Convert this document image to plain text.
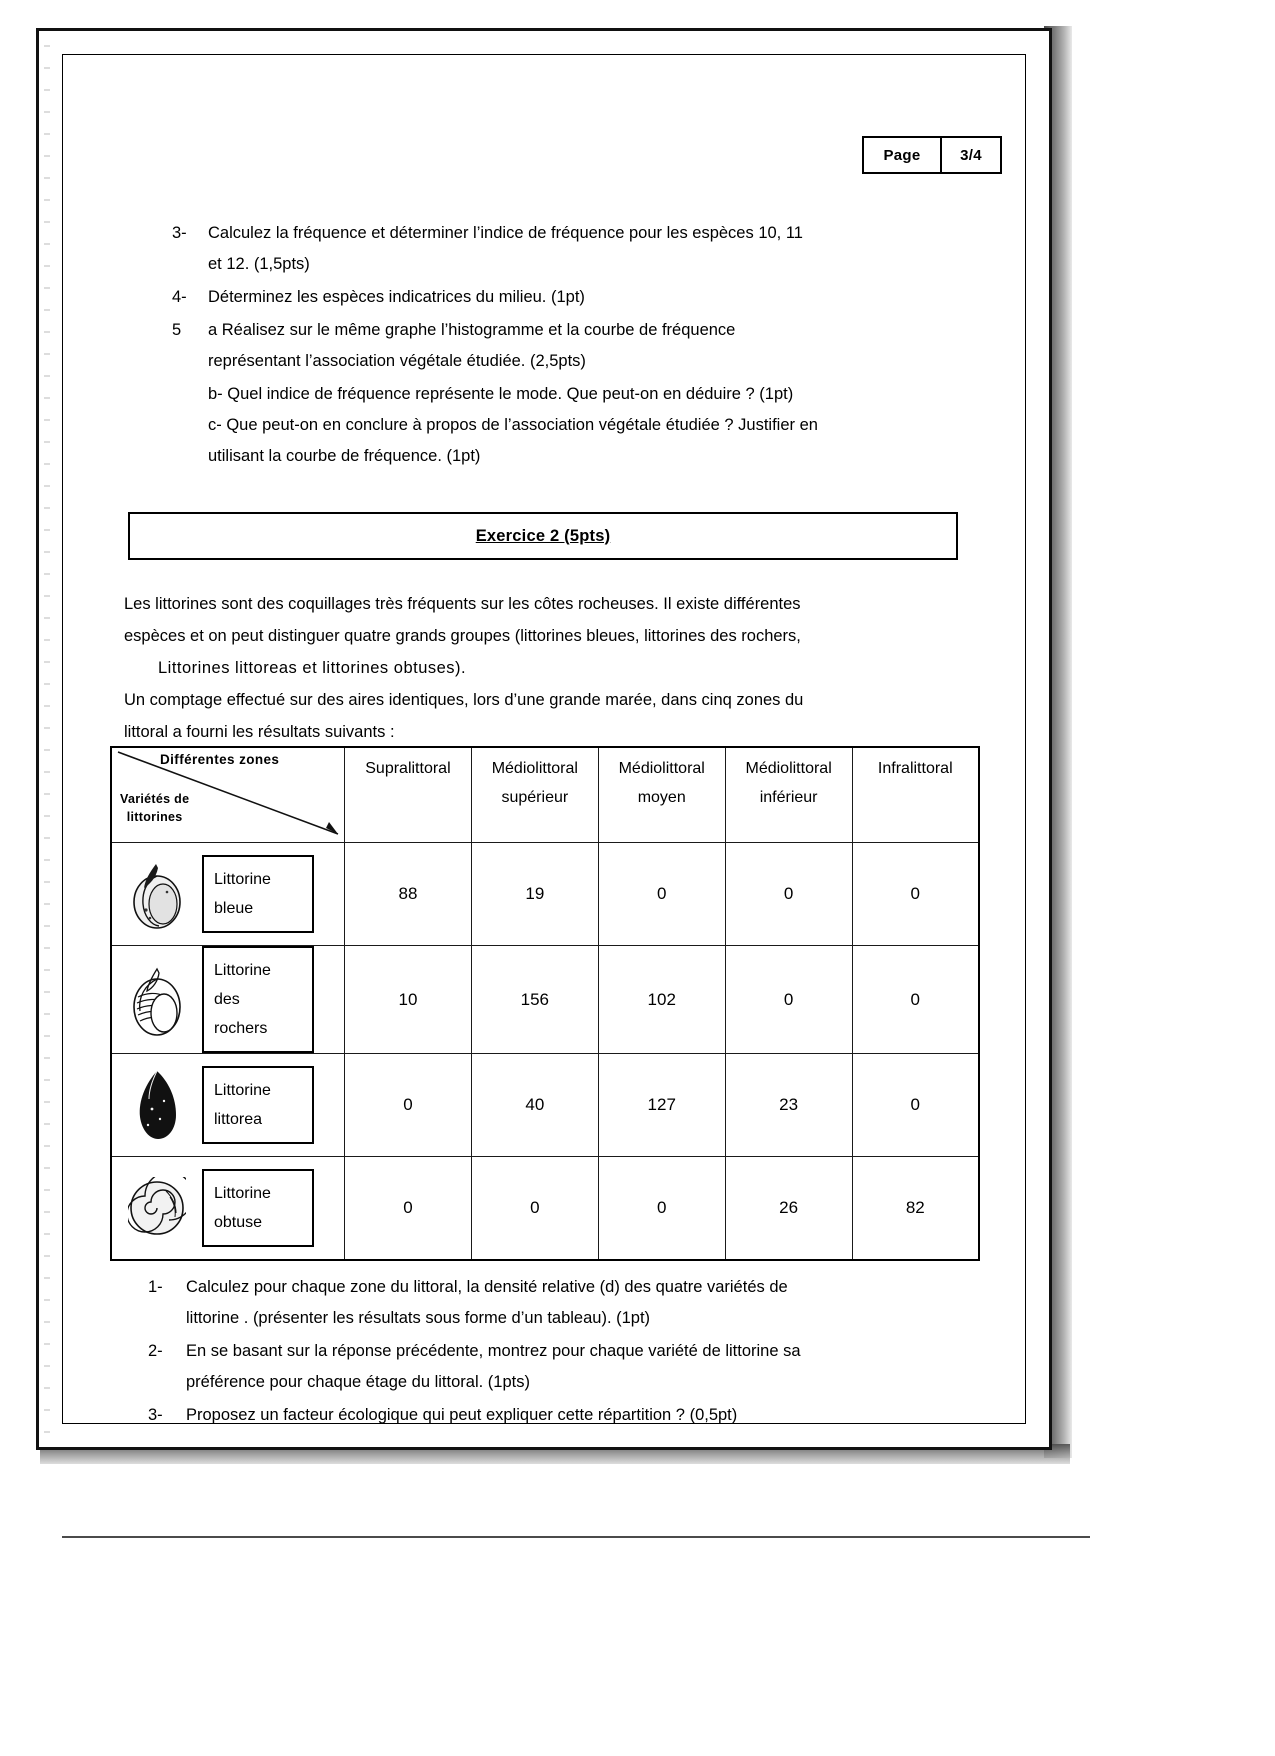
Page	3/4
3-	Calculez la fréquence et déterminer l’indice de fréquence pour les espèces 10, 11
et 12. (1,5pts)
4-	Déterminez les espèces indicatrices du milieu. (1pt)
5	a Réalisez sur le même graphe l’histogramme et la courbe de fréquence
représentant l’association végétale étudiée. (2,5pts)
b- Quel indice de fréquence représente le mode. Que peut-on en déduire ? (1pt)
c- Que peut-on en conclure à propos de l’association végétale étudiée ? Justifier en
utilisant la courbe de fréquence. (1pt)
Exercice 2 (5pts)

Les littorines sont des coquillages très fréquents sur les côtes rocheuses. Il existe différentes

espèces et on peut distinguer quatre grands groupes (littorines bleues, littorines des rochers,

Littorines littoreas et littorines obtuses).

Un comptage effectué sur des aires identiques, lors d’une grande marée, dans cinq zones du

littoral a fourni les résultats suivants :

Différentes zones
Variétés de
littorines
	Supralittoral	Médiolittoral
supérieur
	Médiolittoral
moyen
	Médiolittoral
inférieur
	Infralittoral

Littorine
bleue	88	19	0	0	0

Littorine
des
rochers	10	156	102	0	0

Littorine
littorea	0	40	127	23	0

Littorine
obtuse	0	0	0	26	82
1-	Calculez pour chaque zone du littoral, la densité relative (d) des quatre variétés de
littorine . (présenter les résultats sous forme d’un tableau). (1pt)
2-	En se basant sur la réponse précédente, montrez pour chaque variété de littorine sa
préférence pour chaque étage du littoral. (1pts)
3-	Proposez un facteur écologique qui peut expliquer cette répartition ? (0,5pt)
